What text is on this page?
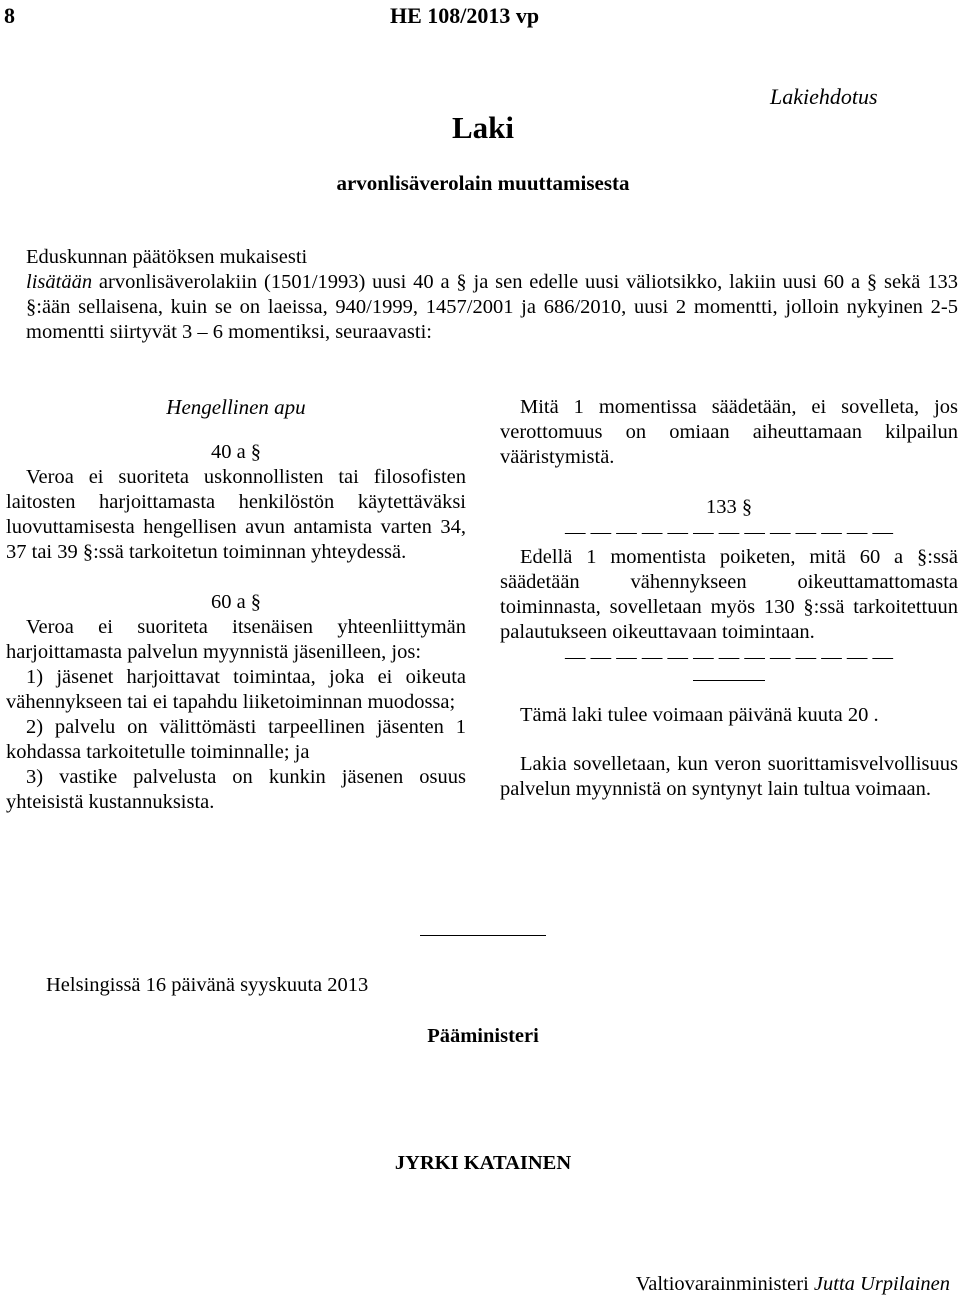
8	HE 108/2013 vp
Lakiehdotus
Laki
arvonlisäverolain muuttamisesta

Eduskunnan päätöksen mukaisesti

lisätään arvonlisäverolakiin (1501/1993) uusi 40 a § ja sen edelle uusi väliotsikko, lakiin uusi 60 a § sekä 133 §:ään sellaisena, kuin se on laeissa, 940/1999, 1457/2001 ja 686/2010, uusi 2 momentti, jolloin nykyinen 2-5 momentti siirtyvät 3 – 6 momentiksi, seuraavasti:

Hengellinen apu

40 a §

Veroa ei suoriteta uskonnollisten tai filosofisten laitosten harjoittamasta henkilöstön käytettäväksi luovuttamisesta hengellisen avun antamista varten 34, 37 tai 39 §:ssä tarkoitetun toiminnan yhteydessä.

60 a §

Veroa ei suoriteta itsenäisen yhteenliittymän harjoittamasta palvelun myynnistä jäsenilleen, jos:

1) jäsenet harjoittavat toimintaa, joka ei oikeuta vähennykseen tai ei tapahdu liiketoiminnan muodossa;

2) palvelu on välittömästi tarpeellinen jäsenten 1 kohdassa tarkoitetulle toiminnalle; ja

3) vastike palvelusta on kunkin jäsenen osuus yhteisistä kustannuksista.

Mitä 1 momentissa säädetään, ei sovelleta, jos verottomuus on omiaan aiheuttamaan kilpailun vääristymistä.

133 §

— — — — — — — — — — — — —

Edellä 1 momentista poiketen, mitä 60 a §:ssä säädetään vähennykseen oikeuttamattomasta toiminnasta, sovelletaan myös 130 §:ssä tarkoitettuun palautukseen oikeuttavaan toimintaan.

— — — — — — — — — — — — —

Tämä laki tulee voimaan päivänä kuuta 20 .

Lakia sovelletaan, kun veron suorittamisvelvollisuus palvelun myynnistä on syntynyt lain tultua voimaan.

Helsingissä 16 päivänä syyskuuta 2013
Pääministeri
JYRKI KATAINEN
Valtiovarainministeri Jutta Urpilainen
